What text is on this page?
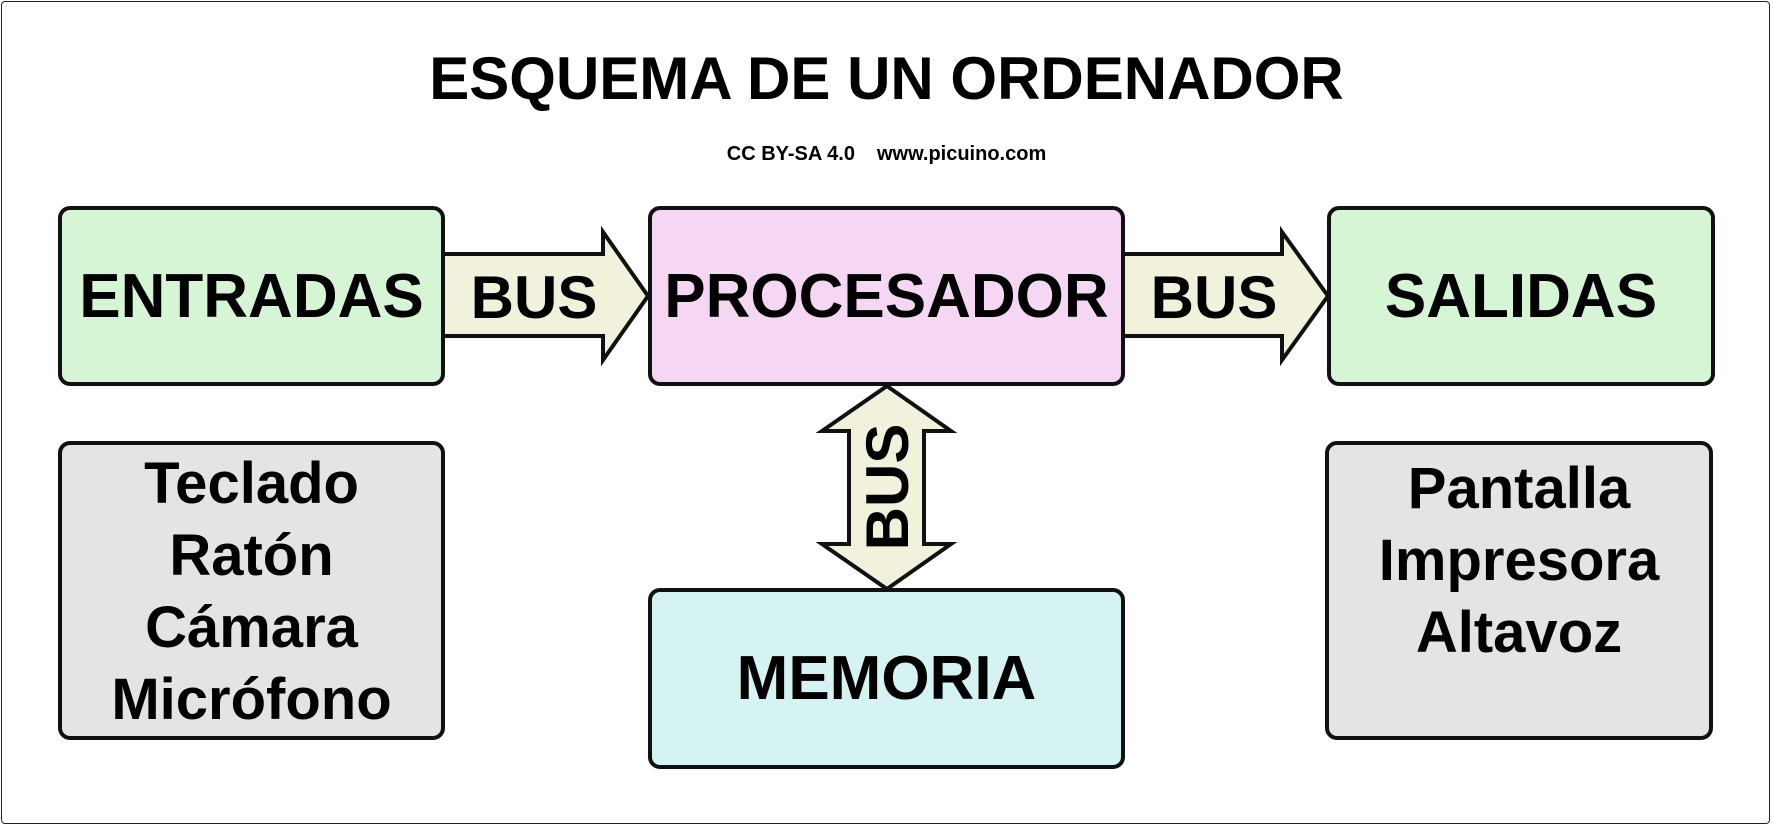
ESQUEMA DE UN ORDENADOR
CC BY-SA 4.0 www.picuino.com
BUS	BUS
BUS
ENTRADAS	PROCESADOR	SALIDAS
MEMORIA
Teclado
Ratón
Cámara
Micrófono
Pantalla
Impresora
Altavoz
